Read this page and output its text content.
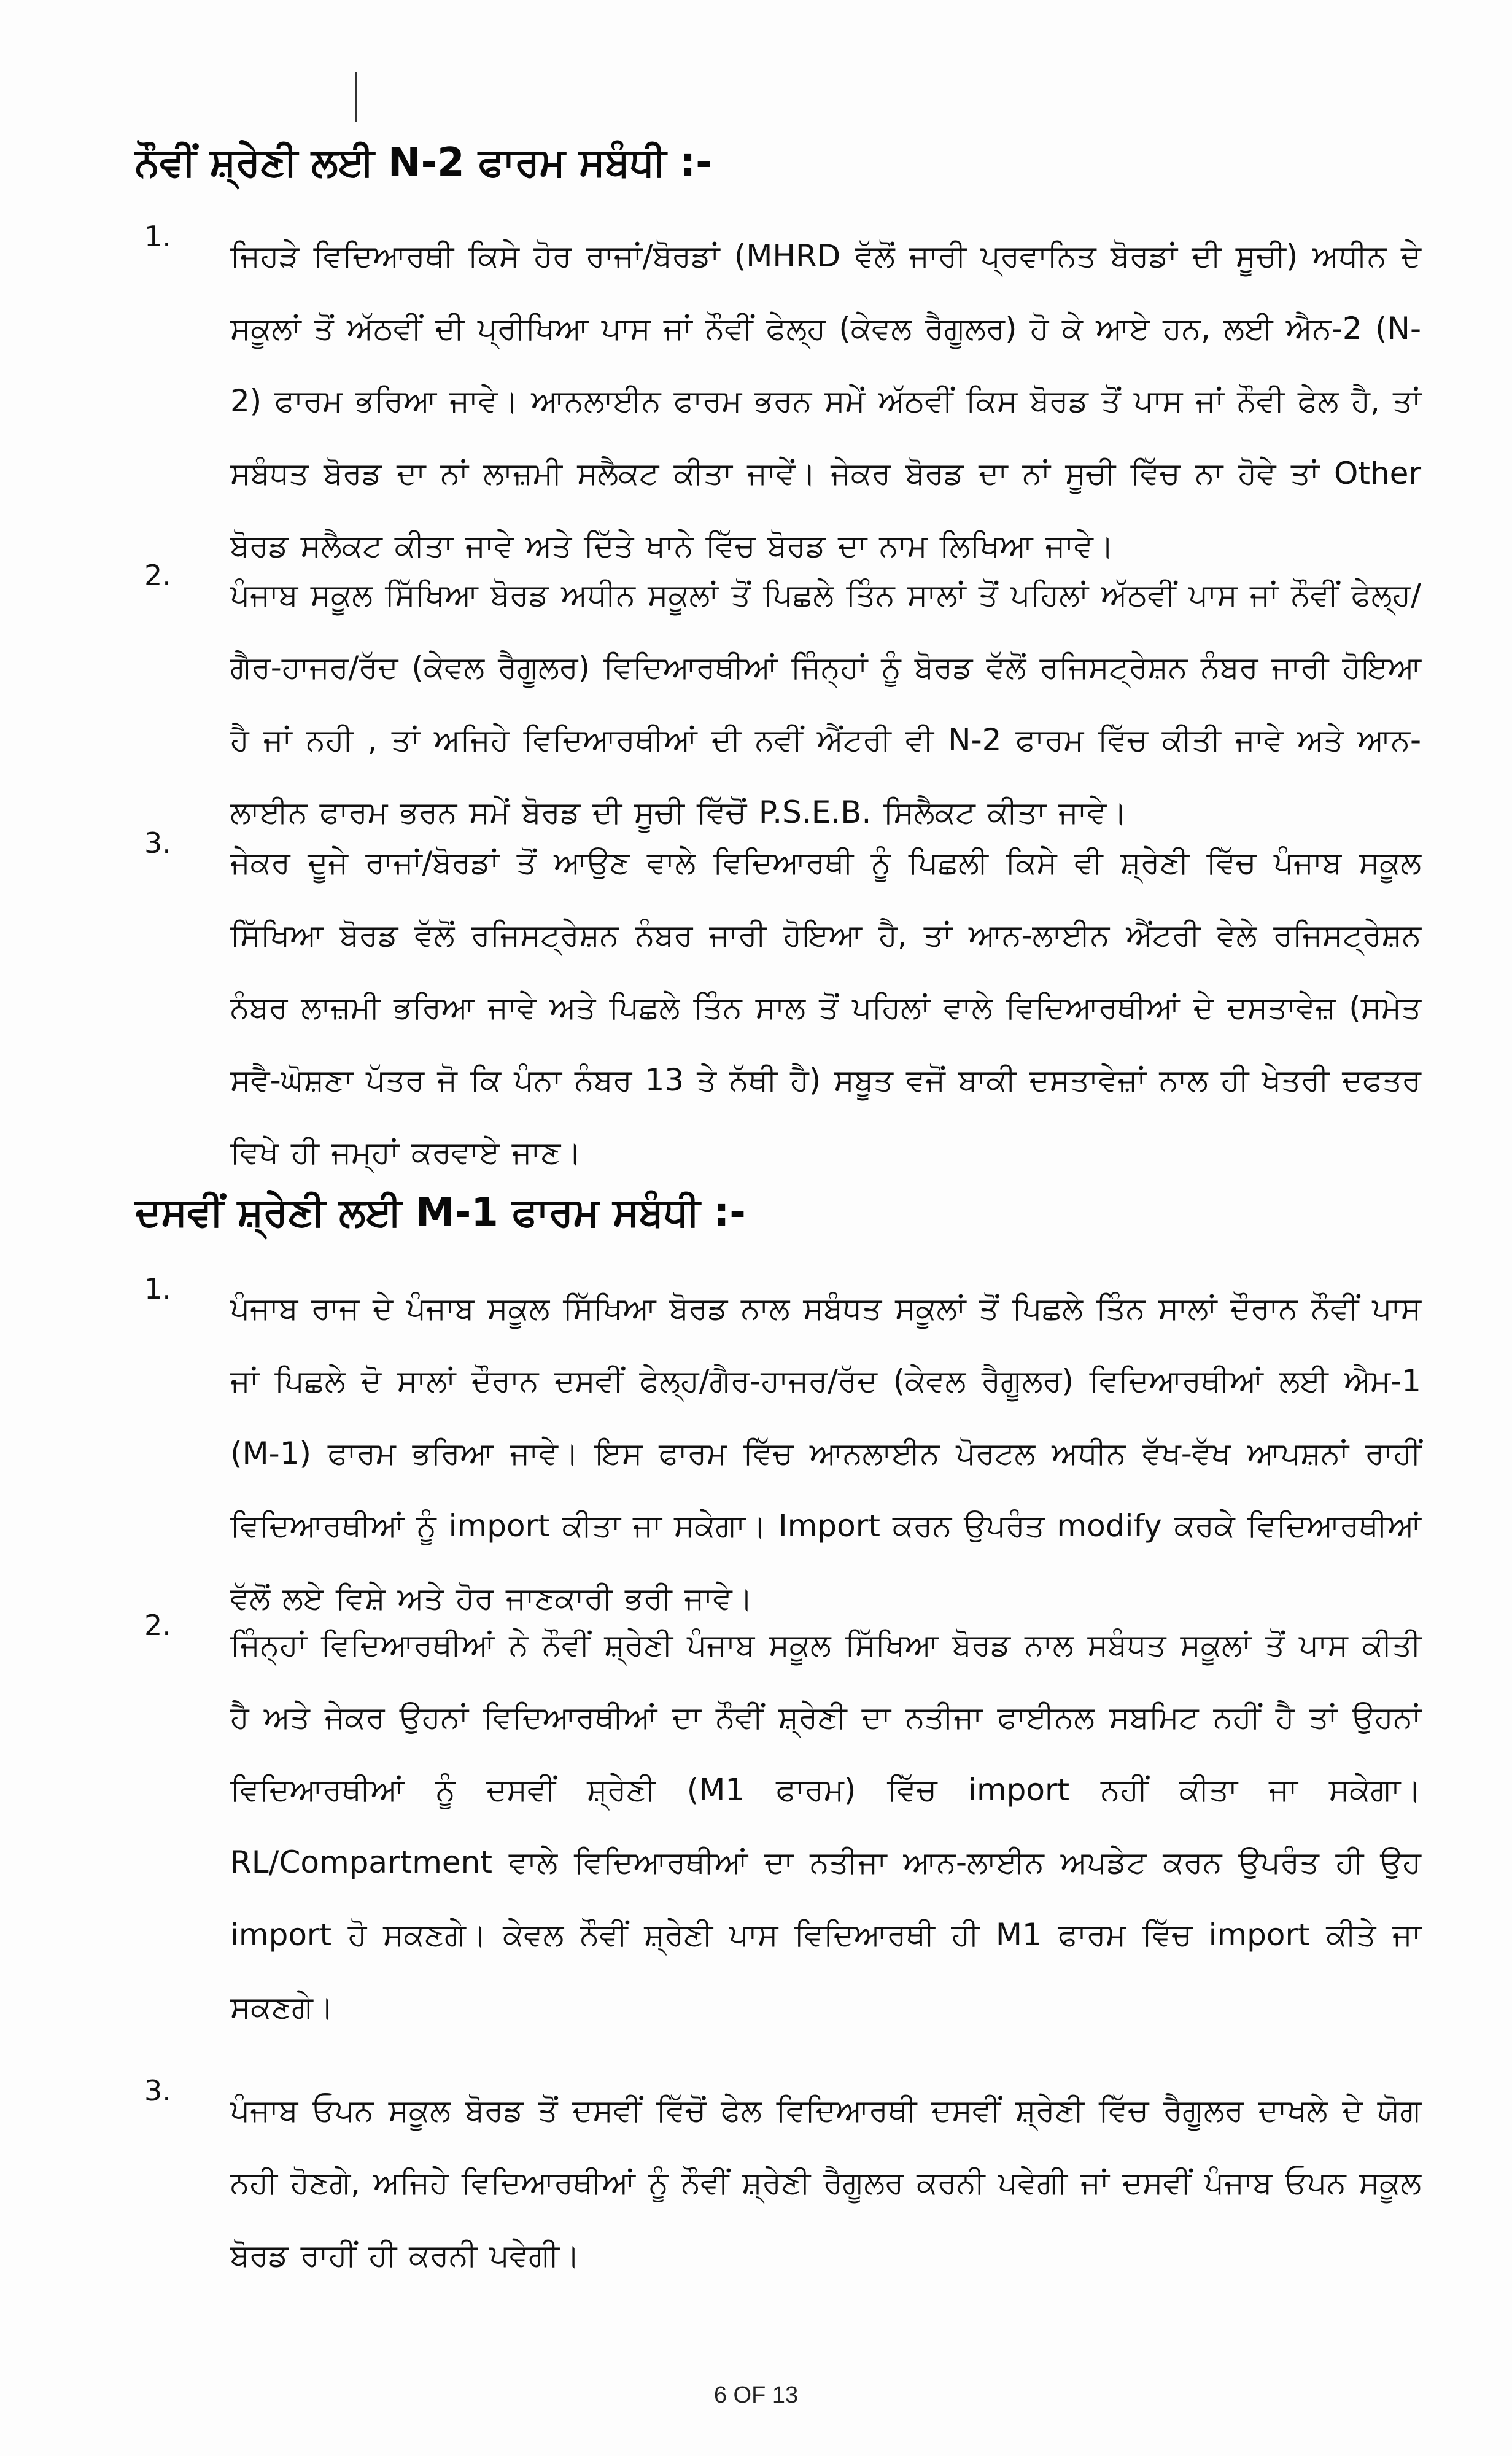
ਨੌਵੀਂ ਸ਼੍ਰੇਣੀ ਲਈ N-2 ਫਾਰਮ ਸਬੰਧੀ :-
1.
ਜਿਹੜੇ ਵਿਦਿਆਰਥੀ ਕਿਸੇ ਹੋਰ ਰਾਜਾਂ/ਬੋਰਡਾਂ (MHRD ਵੱਲੋਂ ਜਾਰੀ ਪ੍ਰਵਾਨਿਤ ਬੋਰਡਾਂ ਦੀ ਸੂਚੀ) ਅਧੀਨ ਦੇ ਸਕੂਲਾਂ ਤੋਂ ਅੱਠਵੀਂ ਦੀ ਪ੍ਰੀਖਿਆ ਪਾਸ ਜਾਂ ਨੌਵੀਂ ਫੇਲ੍ਹ (ਕੇਵਲ ਰੈਗੂਲਰ) ਹੋ ਕੇ ਆਏ ਹਨ, ਲਈ ਐਨ-2 (N-2) ਫਾਰਮ ਭਰਿਆ ਜਾਵੇ। ਆਨਲਾਈਨ ਫਾਰਮ ਭਰਨ ਸਮੇਂ ਅੱਠਵੀਂ ਕਿਸ ਬੋਰਡ ਤੋਂ ਪਾਸ ਜਾਂ ਨੌਵੀ ਫੇਲ ਹੈ, ਤਾਂ ਸਬੰਧਤ ਬੋਰਡ ਦਾ ਨਾਂ ਲਾਜ਼ਮੀ ਸਲੈਕਟ ਕੀਤਾ ਜਾਵੇਂ। ਜੇਕਰ ਬੋਰਡ ਦਾ ਨਾਂ ਸੂਚੀ ਵਿੱਚ ਨਾ ਹੋਵੇ ਤਾਂ Other ਬੋਰਡ ਸਲੈਕਟ ਕੀਤਾ ਜਾਵੇ ਅਤੇ ਦਿੱਤੇ ਖਾਨੇ ਵਿੱਚ ਬੋਰਡ ਦਾ ਨਾਮ ਲਿਖਿਆ ਜਾਵੇ।
2.
ਪੰਜਾਬ ਸਕੂਲ ਸਿੱਖਿਆ ਬੋਰਡ ਅਧੀਨ ਸਕੂਲਾਂ ਤੋਂ ਪਿਛਲੇ ਤਿੰਨ ਸਾਲਾਂ ਤੋਂ ਪਹਿਲਾਂ ਅੱਠਵੀਂ ਪਾਸ ਜਾਂ ਨੌਵੀਂ ਫੇਲ੍ਹ/ਗੈਰ-ਹਾਜਰ/ਰੱਦ (ਕੇਵਲ ਰੈਗੂਲਰ) ਵਿਦਿਆਰਥੀਆਂ ਜਿੰਨ੍ਹਾਂ ਨੂੰ ਬੋਰਡ ਵੱਲੋਂ ਰਜਿਸਟ੍ਰੇਸ਼ਨ ਨੰਬਰ ਜਾਰੀ ਹੋਇਆ ਹੈ ਜਾਂ ਨਹੀ , ਤਾਂ ਅਜਿਹੇ ਵਿਦਿਆਰਥੀਆਂ ਦੀ ਨਵੀਂ ਐਂਟਰੀ ਵੀ N-2 ਫਾਰਮ ਵਿੱਚ ਕੀਤੀ ਜਾਵੇ ਅਤੇ ਆਨ-ਲਾਈਨ ਫਾਰਮ ਭਰਨ ਸਮੇਂ ਬੋਰਡ ਦੀ ਸੂਚੀ ਵਿੱਚੋਂ P.S.E.B. ਸਿਲੈਕਟ ਕੀਤਾ ਜਾਵੇ।
3.
ਜੇਕਰ ਦੂਜੇ ਰਾਜਾਂ/ਬੋਰਡਾਂ ਤੋਂ ਆਉਣ ਵਾਲੇ ਵਿਦਿਆਰਥੀ ਨੂੰ ਪਿਛਲੀ ਕਿਸੇ ਵੀ ਸ਼੍ਰੇਣੀ ਵਿੱਚ ਪੰਜਾਬ ਸਕੂਲ ਸਿੱਖਿਆ ਬੋਰਡ ਵੱਲੋਂ ਰਜਿਸਟ੍ਰੇਸ਼ਨ ਨੰਬਰ ਜਾਰੀ ਹੋਇਆ ਹੈ, ਤਾਂ ਆਨ-ਲਾਈਨ ਐਂਟਰੀ ਵੇਲੇ ਰਜਿਸਟ੍ਰੇਸ਼ਨ ਨੰਬਰ ਲਾਜ਼ਮੀ ਭਰਿਆ ਜਾਵੇ ਅਤੇ ਪਿਛਲੇ ਤਿੰਨ ਸਾਲ ਤੋਂ ਪਹਿਲਾਂ ਵਾਲੇ ਵਿਦਿਆਰਥੀਆਂ ਦੇ ਦਸਤਾਵੇਜ਼ (ਸਮੇਤ ਸਵੈ-ਘੋਸ਼ਣਾ ਪੱਤਰ ਜੋ ਕਿ ਪੰਨਾ ਨੰਬਰ 13 ਤੇ ਨੱਥੀ ਹੈ) ਸਬੂਤ ਵਜੋਂ ਬਾਕੀ ਦਸਤਾਵੇਜ਼ਾਂ ਨਾਲ ਹੀ ਖੇਤਰੀ ਦਫਤਰ ਵਿਖੇ ਹੀ ਜਮ੍ਹਾਂ ਕਰਵਾਏ ਜਾਣ।
ਦਸਵੀਂ ਸ਼੍ਰੇਣੀ ਲਈ M-1 ਫਾਰਮ ਸਬੰਧੀ :-
1.
ਪੰਜਾਬ ਰਾਜ ਦੇ ਪੰਜਾਬ ਸਕੂਲ ਸਿੱਖਿਆ ਬੋਰਡ ਨਾਲ ਸਬੰਧਤ ਸਕੂਲਾਂ ਤੋਂ ਪਿਛਲੇ ਤਿੰਨ ਸਾਲਾਂ ਦੌਰਾਨ ਨੌਵੀਂ ਪਾਸ ਜਾਂ ਪਿਛਲੇ ਦੋ ਸਾਲਾਂ ਦੌਰਾਨ ਦਸਵੀਂ ਫੇਲ੍ਹ/ਗੈਰ-ਹਾਜਰ/ਰੱਦ (ਕੇਵਲ ਰੈਗੂਲਰ) ਵਿਦਿਆਰਥੀਆਂ ਲਈ ਐਮ-1 (M-1) ਫਾਰਮ ਭਰਿਆ ਜਾਵੇ। ਇਸ ਫਾਰਮ ਵਿੱਚ ਆਨਲਾਈਨ ਪੋਰਟਲ ਅਧੀਨ ਵੱਖ-ਵੱਖ ਆਪਸ਼ਨਾਂ ਰਾਹੀਂ ਵਿਦਿਆਰਥੀਆਂ ਨੂੰ import ਕੀਤਾ ਜਾ ਸਕੇਗਾ। Import ਕਰਨ ਉਪਰੰਤ modify ਕਰਕੇ ਵਿਦਿਆਰਥੀਆਂ ਵੱਲੋਂ ਲਏ ਵਿਸ਼ੇ ਅਤੇ ਹੋਰ ਜਾਣਕਾਰੀ ਭਰੀ ਜਾਵੇ।
2.
ਜਿੰਨ੍ਹਾਂ ਵਿਦਿਆਰਥੀਆਂ ਨੇ ਨੌਵੀਂ ਸ਼੍ਰੇਣੀ ਪੰਜਾਬ ਸਕੂਲ ਸਿੱਖਿਆ ਬੋਰਡ ਨਾਲ ਸਬੰਧਤ ਸਕੂਲਾਂ ਤੋਂ ਪਾਸ ਕੀਤੀ ਹੈ ਅਤੇ ਜੇਕਰ ਉਹਨਾਂ ਵਿਦਿਆਰਥੀਆਂ ਦਾ ਨੌਵੀਂ ਸ਼੍ਰੇਣੀ ਦਾ ਨਤੀਜਾ ਫਾਈਨਲ ਸਬਮਿਟ ਨਹੀਂ ਹੈ ਤਾਂ ਉਹਨਾਂ ਵਿਦਿਆਰਥੀਆਂ ਨੂੰ ਦਸਵੀਂ ਸ਼੍ਰੇਣੀ (M1 ਫਾਰਮ) ਵਿੱਚ import ਨਹੀਂ ਕੀਤਾ ਜਾ ਸਕੇਗਾ। RL/Compartment ਵਾਲੇ ਵਿਦਿਆਰਥੀਆਂ ਦਾ ਨਤੀਜਾ ਆਨ-ਲਾਈਨ ਅਪਡੇਟ ਕਰਨ ਉਪਰੰਤ ਹੀ ਉਹ import ਹੋ ਸਕਣਗੇ। ਕੇਵਲ ਨੌਵੀਂ ਸ਼੍ਰੇਣੀ ਪਾਸ ਵਿਦਿਆਰਥੀ ਹੀ M1 ਫਾਰਮ ਵਿੱਚ import ਕੀਤੇ ਜਾ ਸਕਣਗੇ।
3.
ਪੰਜਾਬ ਓਪਨ ਸਕੂਲ ਬੋਰਡ ਤੋਂ ਦਸਵੀਂ ਵਿੱਚੋਂ ਫੇਲ ਵਿਦਿਆਰਥੀ ਦਸਵੀਂ ਸ਼੍ਰੇਣੀ ਵਿੱਚ ਰੈਗੂਲਰ ਦਾਖਲੇ ਦੇ ਯੋਗ ਨਹੀ ਹੋਣਗੇ, ਅਜਿਹੇ ਵਿਦਿਆਰਥੀਆਂ ਨੂੰ ਨੌਵੀਂ ਸ਼੍ਰੇਣੀ ਰੈਗੂਲਰ ਕਰਨੀ ਪਵੇਗੀ ਜਾਂ ਦਸਵੀਂ ਪੰਜਾਬ ਓਪਨ ਸਕੂਲ ਬੋਰਡ ਰਾਹੀਂ ਹੀ ਕਰਨੀ ਪਵੇਗੀ।
6 OF 13
